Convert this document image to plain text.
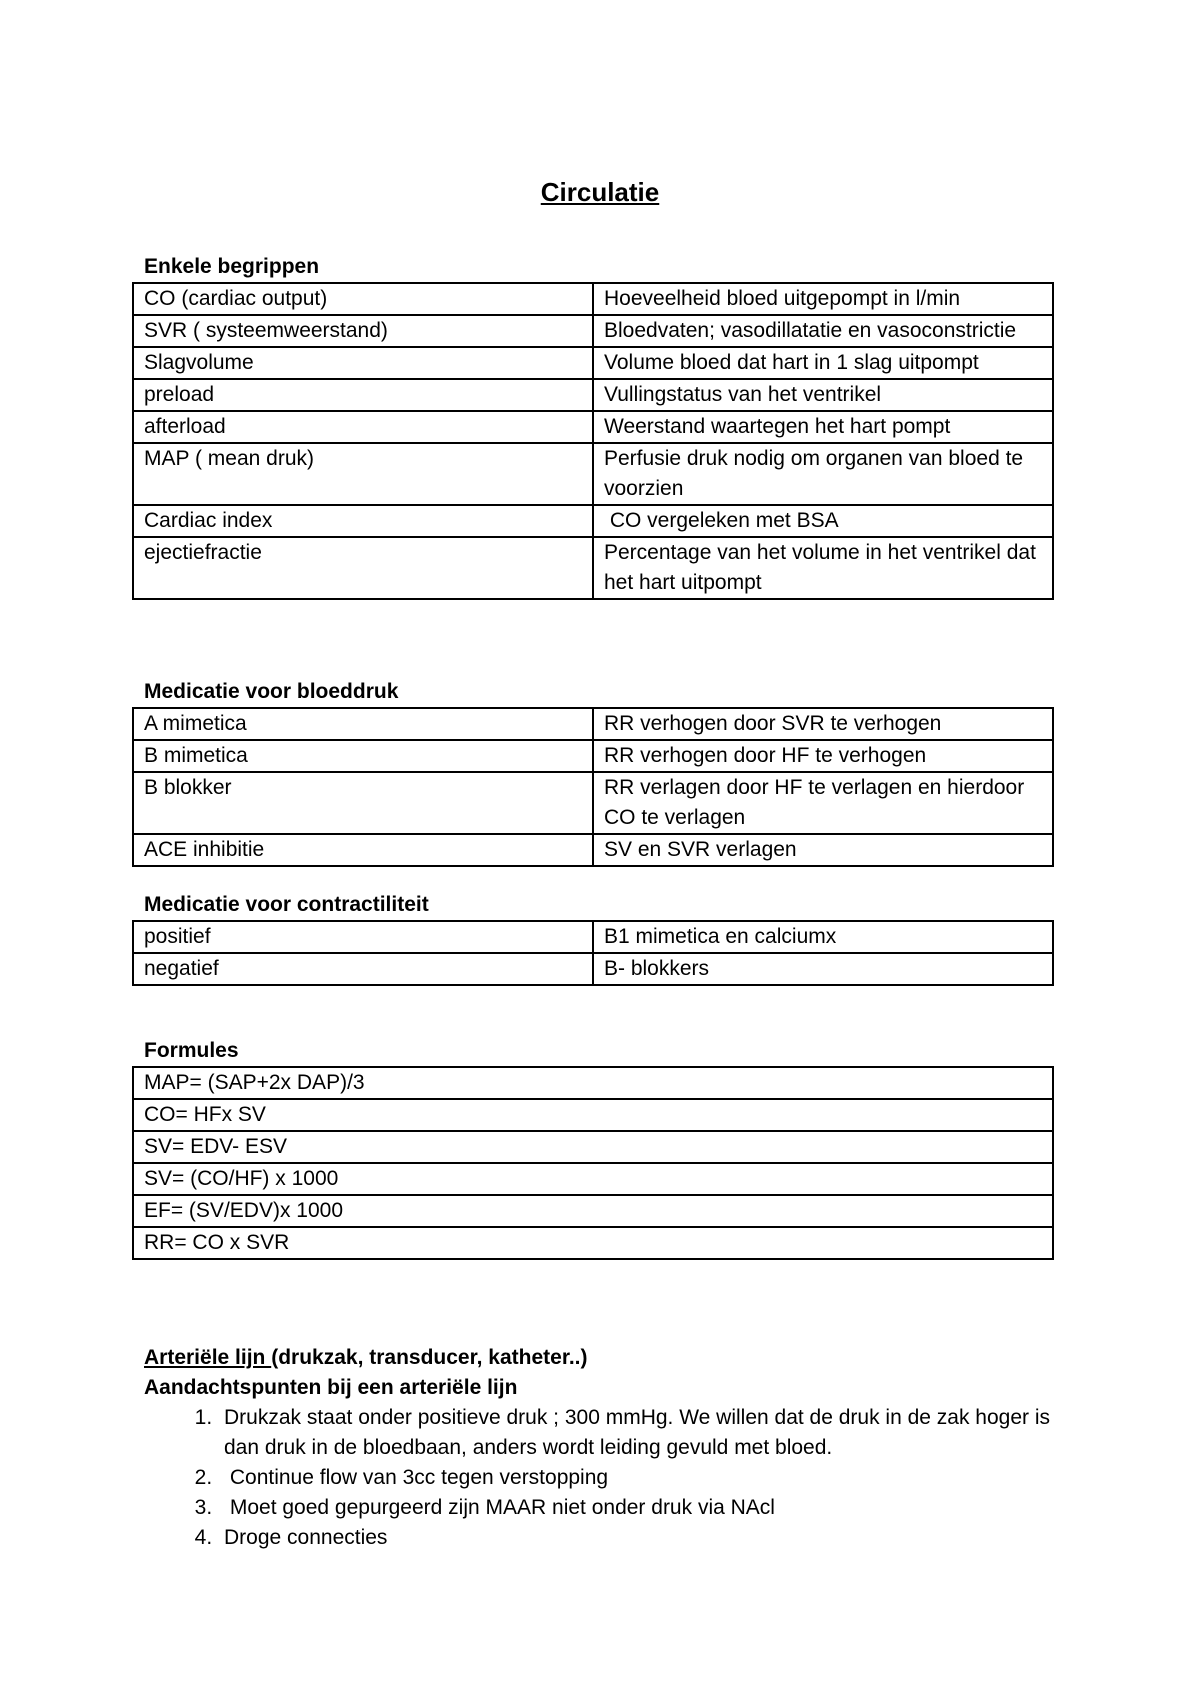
Circulatie
Enkele begrippen
CO (cardiac output)	Hoeveelheid bloed uitgepompt in l/min
SVR ( systeemweerstand)	Bloedvaten; vasodillatatie en vasoconstrictie
Slagvolume	Volume bloed dat hart in 1 slag uitpompt
preload	Vullingstatus van het ventrikel
afterload	Weerstand waartegen het hart pompt
MAP ( mean druk)	Perfusie druk nodig om organen van bloed te voorzien
Cardiac index	CO vergeleken met BSA
ejectiefractie	Percentage van het volume in het ventrikel dat het hart uitpompt
Medicatie voor bloeddruk
A mimetica	RR verhogen door SVR te verhogen
B mimetica	RR verhogen door HF te verhogen
B blokker	RR verlagen door HF te verlagen en hierdoor CO te verlagen
ACE inhibitie	SV en SVR verlagen
Medicatie voor contractiliteit
positief	B1 mimetica en calciumx
negatief	B- blokkers
Formules
MAP= (SAP+2x DAP)/3
CO= HFx SV
SV= EDV- ESV
SV= (CO/HF) x 1000
EF= (SV/EDV)x 1000
RR= CO x SVR
Arteriële lijn (drukzak, transducer, katheter..)
Aandachtspunten bij een arteriële lijn
1. Drukzak staat onder positieve druk ; 300 mmHg. We willen dat de druk in de zak hoger is dan druk in de bloedbaan, anders wordt leiding gevuld met bloed.
2.  Continue flow van 3cc tegen verstopping
3.  Moet goed gepurgeerd zijn MAAR niet onder druk via NAcl
4. Droge connecties
